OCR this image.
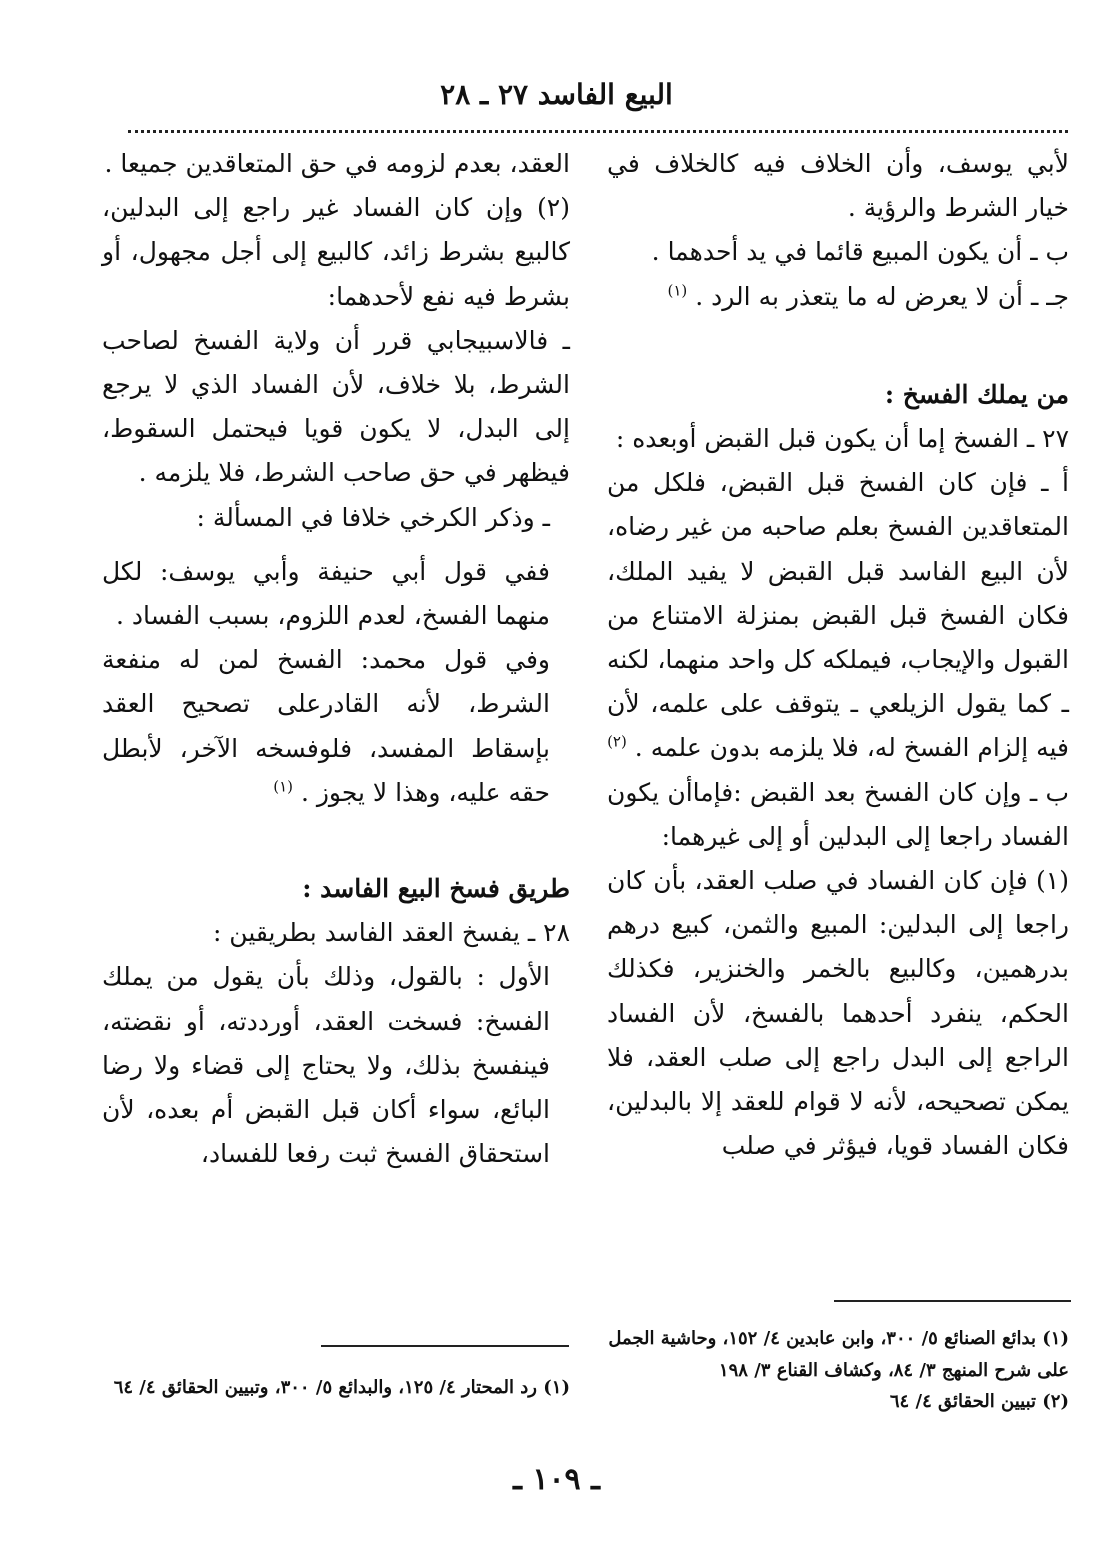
البيع الفاسد ٢٧ ـ ٢٨

لأبي يوسف، وأن الخلاف فيه كالخلاف في خيار الشرط والرؤية .

ب ـ أن يكون المبيع قائما في يد أحدهما .

جـ ـ أن لا يعرض له ما يتعذر به الرد . $^{(١)}$

من يملك الفسخ :

٢٧ ـ الفسخ إما أن يكون قبل القبض أوبعده :

أ ـ فإن كان الفسخ قبل القبض، فلكل من المتعاقدين الفسخ بعلم صاحبه من غير رضاه، لأن البيع الفاسد قبل القبض لا يفيد الملك، فكان الفسخ قبل القبض بمنزلة الامتناع من القبول والإيجاب، فيملكه كل واحد منهما، لكنه ـ كما يقول الزيلعي ـ يتوقف على علمه، لأن فيه إلزام الفسخ له، فلا يلزمه بدون علمه . $^{(٢)}$

ب ـ وإن كان الفسخ بعد القبض :فإماأن يكون الفساد راجعا إلى البدلين أو إلى غيرهما:

(١) فإن كان الفساد في صلب العقد، بأن كان راجعا إلى البدلين: المبيع والثمن، كبيع درهم بدرهمين، وكالبيع بالخمر والخنزير، فكذلك الحكم، ينفرد أحدهما بالفسخ، لأن الفساد الراجع إلى البدل راجع إلى صلب العقد، فلا يمكن تصحيحه، لأنه لا قوام للعقد إلا بالبدلين، فكان الفساد قويا، فيؤثر في صلب

العقد، بعدم لزومه في حق المتعاقدين جميعا .

(٢) وإن كان الفساد غير راجع إلى البدلين، كالبيع بشرط زائد، كالبيع إلى أجل مجهول، أو بشرط فيه نفع لأحدهما:

ـ فالاسبيجابي قرر أن ولاية الفسخ لصاحب الشرط، بلا خلاف، لأن الفساد الذي لا يرجع إلى البدل، لا يكون قويا فيحتمل السقوط، فيظهر في حق صاحب الشرط، فلا يلزمه .

ـ وذكر الكرخي خلافا في المسألة :

ففي قول أبي حنيفة وأبي يوسف: لكل منهما الفسخ، لعدم اللزوم، بسبب الفساد .

وفي قول محمد: الفسخ لمن له منفعة الشرط، لأنه القادرعلى تصحيح العقد بإسقاط المفسد، فلوفسخه الآخر، لأبطل حقه عليه، وهذا لا يجوز . $^{(١)}$

طريق فسخ البيع الفاسد :

٢٨ ـ يفسخ العقد الفاسد بطريقين :

الأول : بالقول، وذلك بأن يقول من يملك الفسخ: فسخت العقد، أورددته، أو نقضته، فينفسخ بذلك، ولا يحتاج إلى قضاء ولا رضا البائع، سواء أكان قبل القبض أم بعده، لأن استحقاق الفسخ ثبت رفعا للفساد،

(١) بدائع الصنائع ٥/ ٣٠٠، وابن عابدين ٤/ ١٥٢، وحاشية الجمل على شرح المنهج ٣/ ٨٤، وكشاف القناع ٣/ ١٩٨

(٢) تبيين الحقائق ٤/ ٦٤

(١) رد المحتار ٤/ ١٢٥، والبدائع ٥/ ٣٠٠، وتبيين الحقائق ٤/ ٦٤

ـ ١٠٩ ـ
